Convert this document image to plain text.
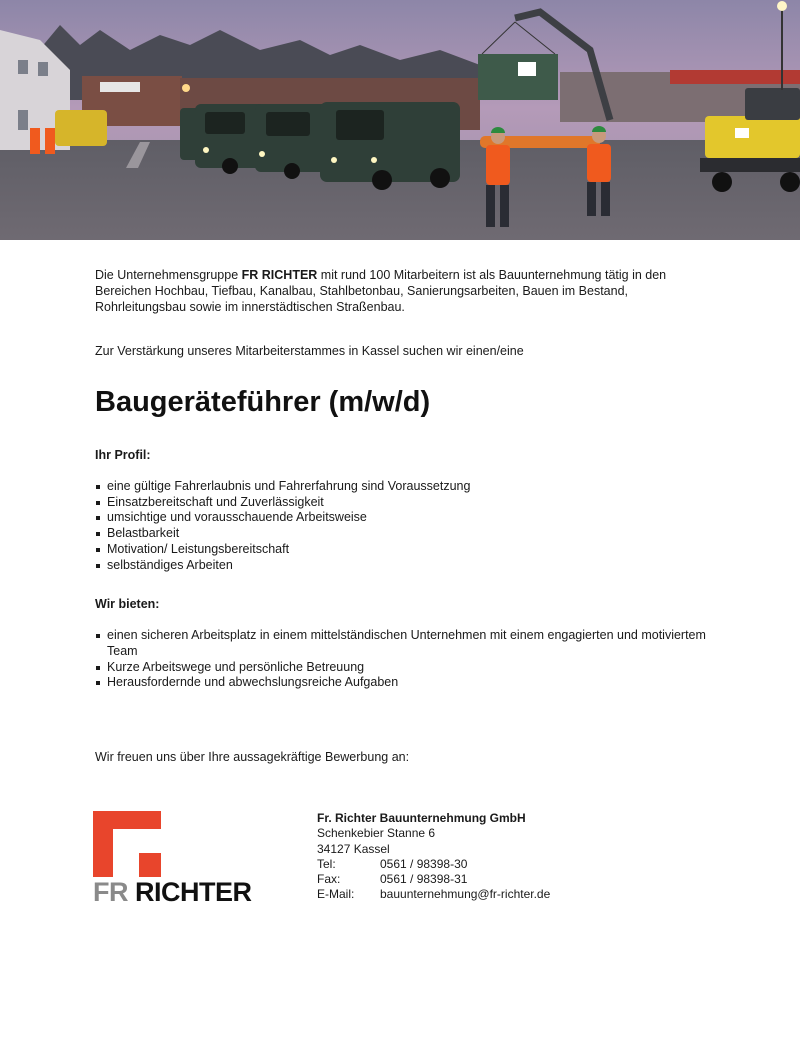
Die Unternehmensgruppe FR RICHTER mit rund 100 Mitarbeitern ist als Bauunternehmung tätig in den
Bereichen Hochbau, Tiefbau, Kanalbau, Stahlbetonbau, Sanierungsarbeiten, Bauen im Bestand,
Rohrleitungsbau sowie im innerstädtischen Straßenbau.

Zur Verstärkung unseres Mitarbeiterstammes in Kassel suchen wir einen/eine

Baugeräteführer (m/w/d)

Ihr Profil:

eine gültige Fahrerlaubnis und Fahrerfahrung sind Voraussetzung
Einsatzbereitschaft und Zuverlässigkeit
umsichtige und vorausschauende Arbeitsweise
Belastbarkeit
Motivation/ Leistungsbereitschaft
selbständiges Arbeiten

Wir bieten:

einen sicheren Arbeitsplatz in einem mittelständischen Unternehmen mit einem engagierten und motiviertem Team
Kurze Arbeitswege und persönliche Betreuung
Herausfordernde und abwechslungsreiche Aufgaben

Wir freuen uns über Ihre aussagekräftige Bewerbung an:

FR RICHTER
Fr. Richter Bauunternehmung GmbH
Schenkebier Stanne 6
34127 Kassel
Tel:	0561 / 98398-30
Fax:	0561 / 98398-31
E-Mail:	bauunternehmung@fr-richter.de
